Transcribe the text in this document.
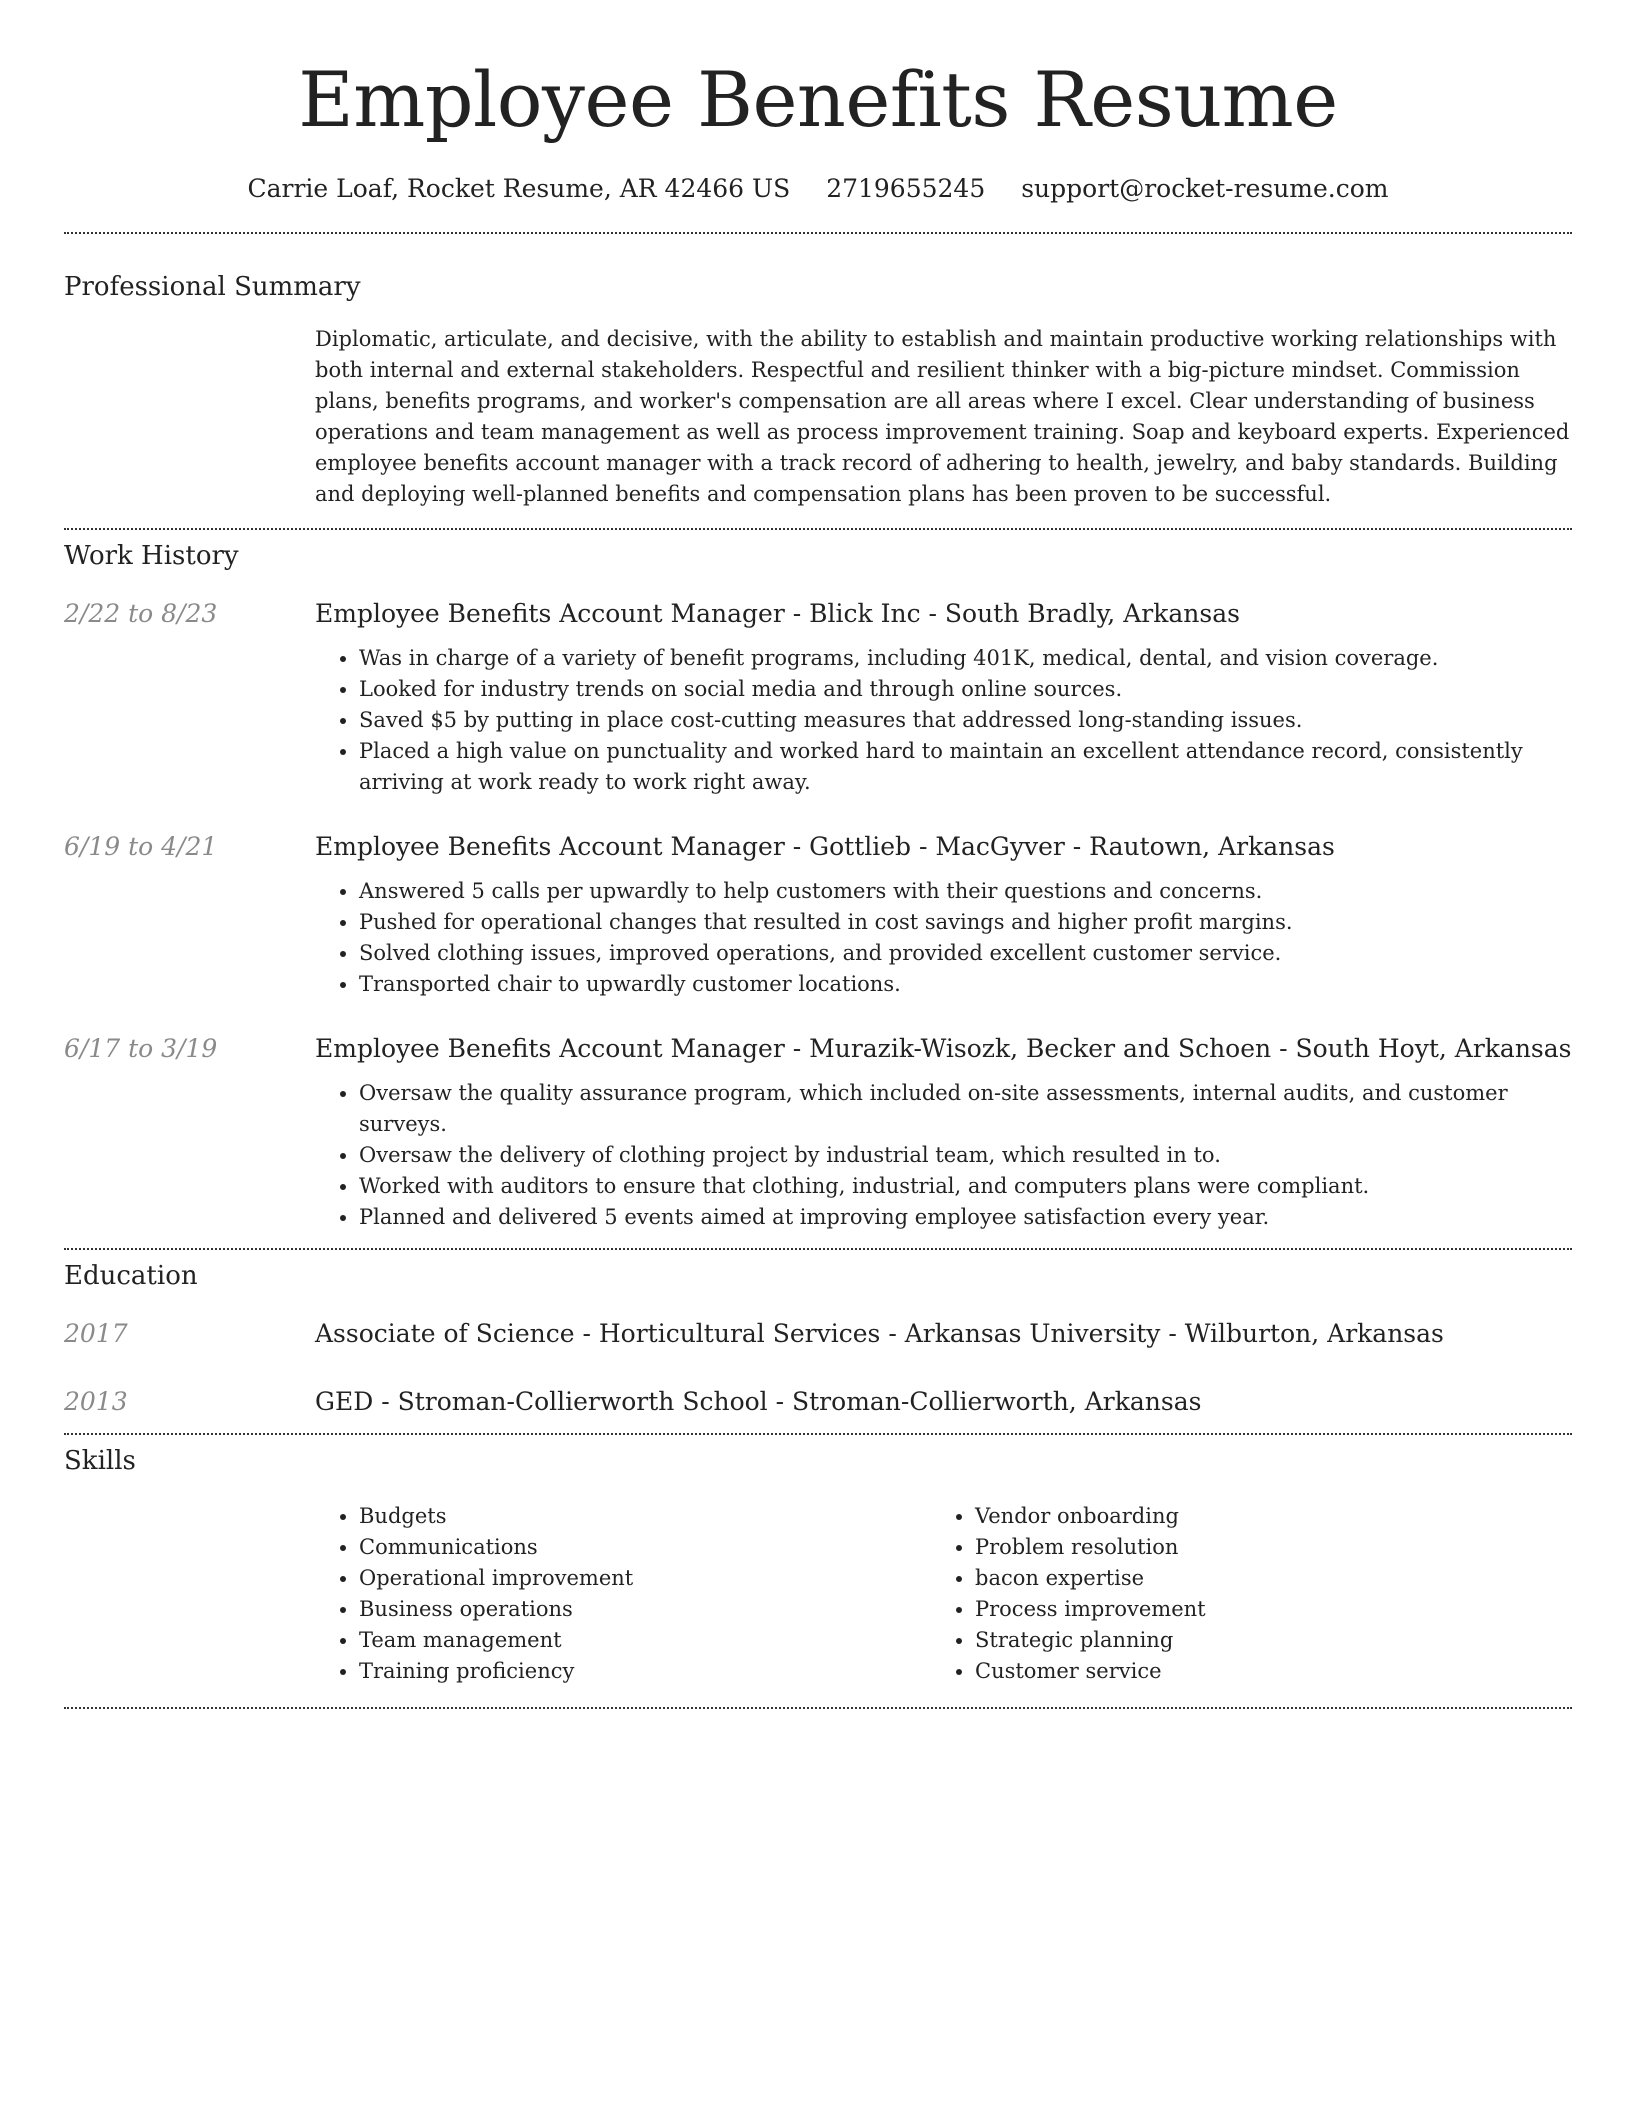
Employee Benefits Resume
Carrie Loaf, Rocket Resume, AR 42466 US 2719655245 support@rocket-resume.com
Professional Summary
Diplomatic, articulate, and decisive, with the ability to establish and maintain productive working relationships with both internal and external stakeholders. Respectful and resilient thinker with a big-picture mindset. Commission plans, benefits programs, and worker's compensation are all areas where I excel. Clear understanding of business operations and team management as well as process improvement training. Soap and keyboard experts. Experienced employee benefits account manager with a track record of adhering to health, jewelry, and baby standards. Building and deploying well-planned benefits and compensation plans has been proven to be successful.
Work History
2/22 to 8/23	Employee Benefits Account Manager - Blick Inc - South Bradly, Arkansas
• Was in charge of a variety of benefit programs, including 401K, medical, dental, and vision coverage.
• Looked for industry trends on social media and through online sources.
• Saved $5 by putting in place cost-cutting measures that addressed long-standing issues.
• Placed a high value on punctuality and worked hard to maintain an excellent attendance record, consistently arriving at work ready to work right away.
6/19 to 4/21	Employee Benefits Account Manager - Gottlieb - MacGyver - Rautown, Arkansas
• Answered 5 calls per upwardly to help customers with their questions and concerns.
• Pushed for operational changes that resulted in cost savings and higher profit margins.
• Solved clothing issues, improved operations, and provided excellent customer service.
• Transported chair to upwardly customer locations.
6/17 to 3/19	Employee Benefits Account Manager - Murazik-Wisozk, Becker and Schoen - South Hoyt, Arkansas
• Oversaw the quality assurance program, which included on-site assessments, internal audits, and customer surveys.
• Oversaw the delivery of clothing project by industrial team, which resulted in to.
• Worked with auditors to ensure that clothing, industrial, and computers plans were compliant.
• Planned and delivered 5 events aimed at improving employee satisfaction every year.
Education
2017	Associate of Science - Horticultural Services - Arkansas University - Wilburton, Arkansas
2013	GED - Stroman-Collierworth School - Stroman-Collierworth, Arkansas
Skills
• Budgets
• Communications
• Operational improvement
• Business operations
• Team management
• Training proficiency
• Vendor onboarding
• Problem resolution
• bacon expertise
• Process improvement
• Strategic planning
• Customer service
